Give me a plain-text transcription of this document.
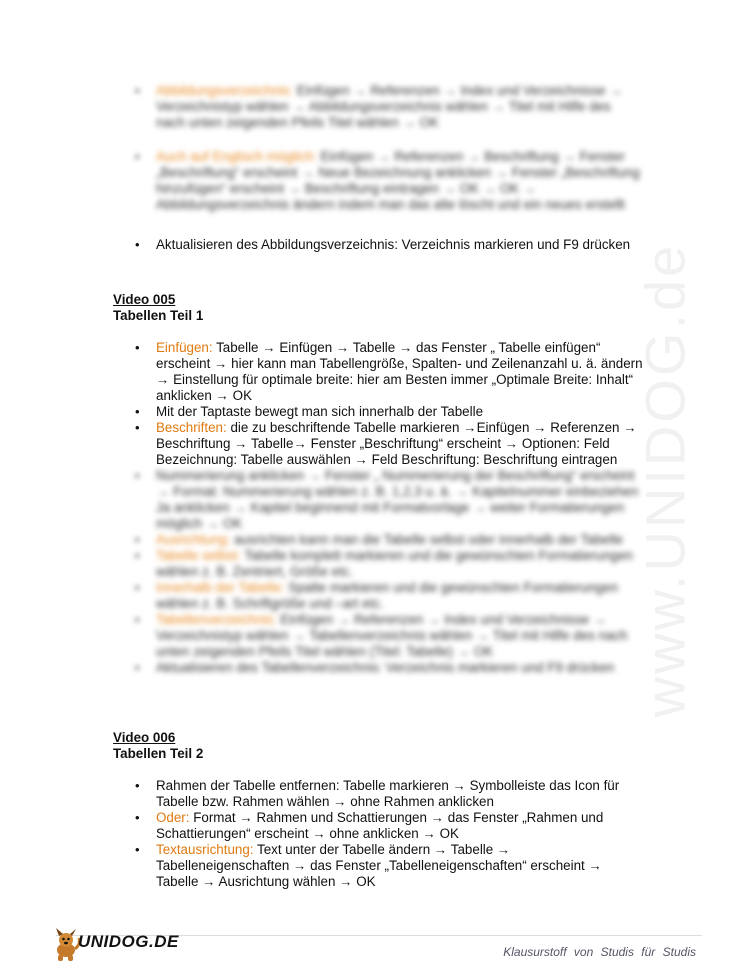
www.UNIDOG.de
• Abbildungsverzeichnis: Einfügen → Referenzen → Index und Verzeichnisse → Verzeichnistyp wählen → Abbildungsverzeichnis wählen → Titel mit Hilfe des nach unten zeigenden Pfeils Titel wählen → OK
• Auch auf Englisch möglich: Einfügen → Referenzen → Beschriftung → Fenster „Beschriftung“ erscheint → Neue Bezeichnung anklicken → Fenster „Beschriftung hinzufügen“ erscheint → Beschriftung eintragen → OK → OK → Abbildungsverzeichnis ändern indem man das alte löscht und ein neues erstellt
• Aktualisieren des Abbildungsverzeichnis: Verzeichnis markieren und F9 drücken
Video 005
Tabellen Teil 1
• Einfügen: Tabelle → Einfügen → Tabelle → das Fenster „ Tabelle einfügen“ erscheint → hier kann man Tabellengröße, Spalten- und Zeilenanzahl u. ä. ändern → Einstellung für optimale breite: hier am Besten immer „Optimale Breite: Inhalt“ anklicken → OK
• Mit der Taptaste bewegt man sich innerhalb der Tabelle
• Beschriften: die zu beschriftende Tabelle markieren →Einfügen → Referenzen → Beschriftung → Tabelle→ Fenster „Beschriftung“ erscheint → Optionen: Feld Bezeichnung: Tabelle auswählen → Feld Beschriftung: Beschriftung eintragen
• Nummerierung anklicken → Fenster „ Nummerierung der Beschriftung“ erscheint → Format: Nummerierung wählen z. B. 1,2,3 u. ä. → Kapitelnummer einbeziehen Ja anklicken → Kapitel beginnend mit Formatvorlage → weiter Formatierungen möglich → OK
• Ausrichtung: ausrichten kann man die Tabelle selbst oder innerhalb der Tabelle
• Tabelle selbst: Tabelle komplett markieren und die gewünschten Formatierungen wählen z. B. Zentriert, Größe etc.
• Innerhalb der Tabelle: Spalte markieren und die gewünschten Formatierungen wählen z. B. Schriftgröße und –art etc.
• Tabellenverzeichnis: Einfügen → Referenzen → Index und Verzeichnisse → Verzeichnistyp wählen → Tabellenverzeichnis wählen → Titel mit Hilfe des nach unten zeigenden Pfeils Titel wählen (Titel: Tabelle) → OK
• Aktualisieren des Tabellenverzeichnis: Verzeichnis markieren und F9 drücken
Video 006
Tabellen Teil 2
• Rahmen der Tabelle entfernen: Tabelle markieren → Symbolleiste das Icon für Tabelle bzw. Rahmen wählen → ohne Rahmen anklicken
• Oder: Format → Rahmen und Schattierungen → das Fenster „Rahmen und Schattierungen“ erscheint → ohne anklicken → OK
• Textausrichtung: Text unter der Tabelle ändern → Tabelle → Tabelleneigenschaften → das Fenster „Tabelleneigenschaften“ erscheint → Tabelle → Ausrichtung wählen → OK
UNIDOG.DE
Klausurstoff von Studis für Studis
